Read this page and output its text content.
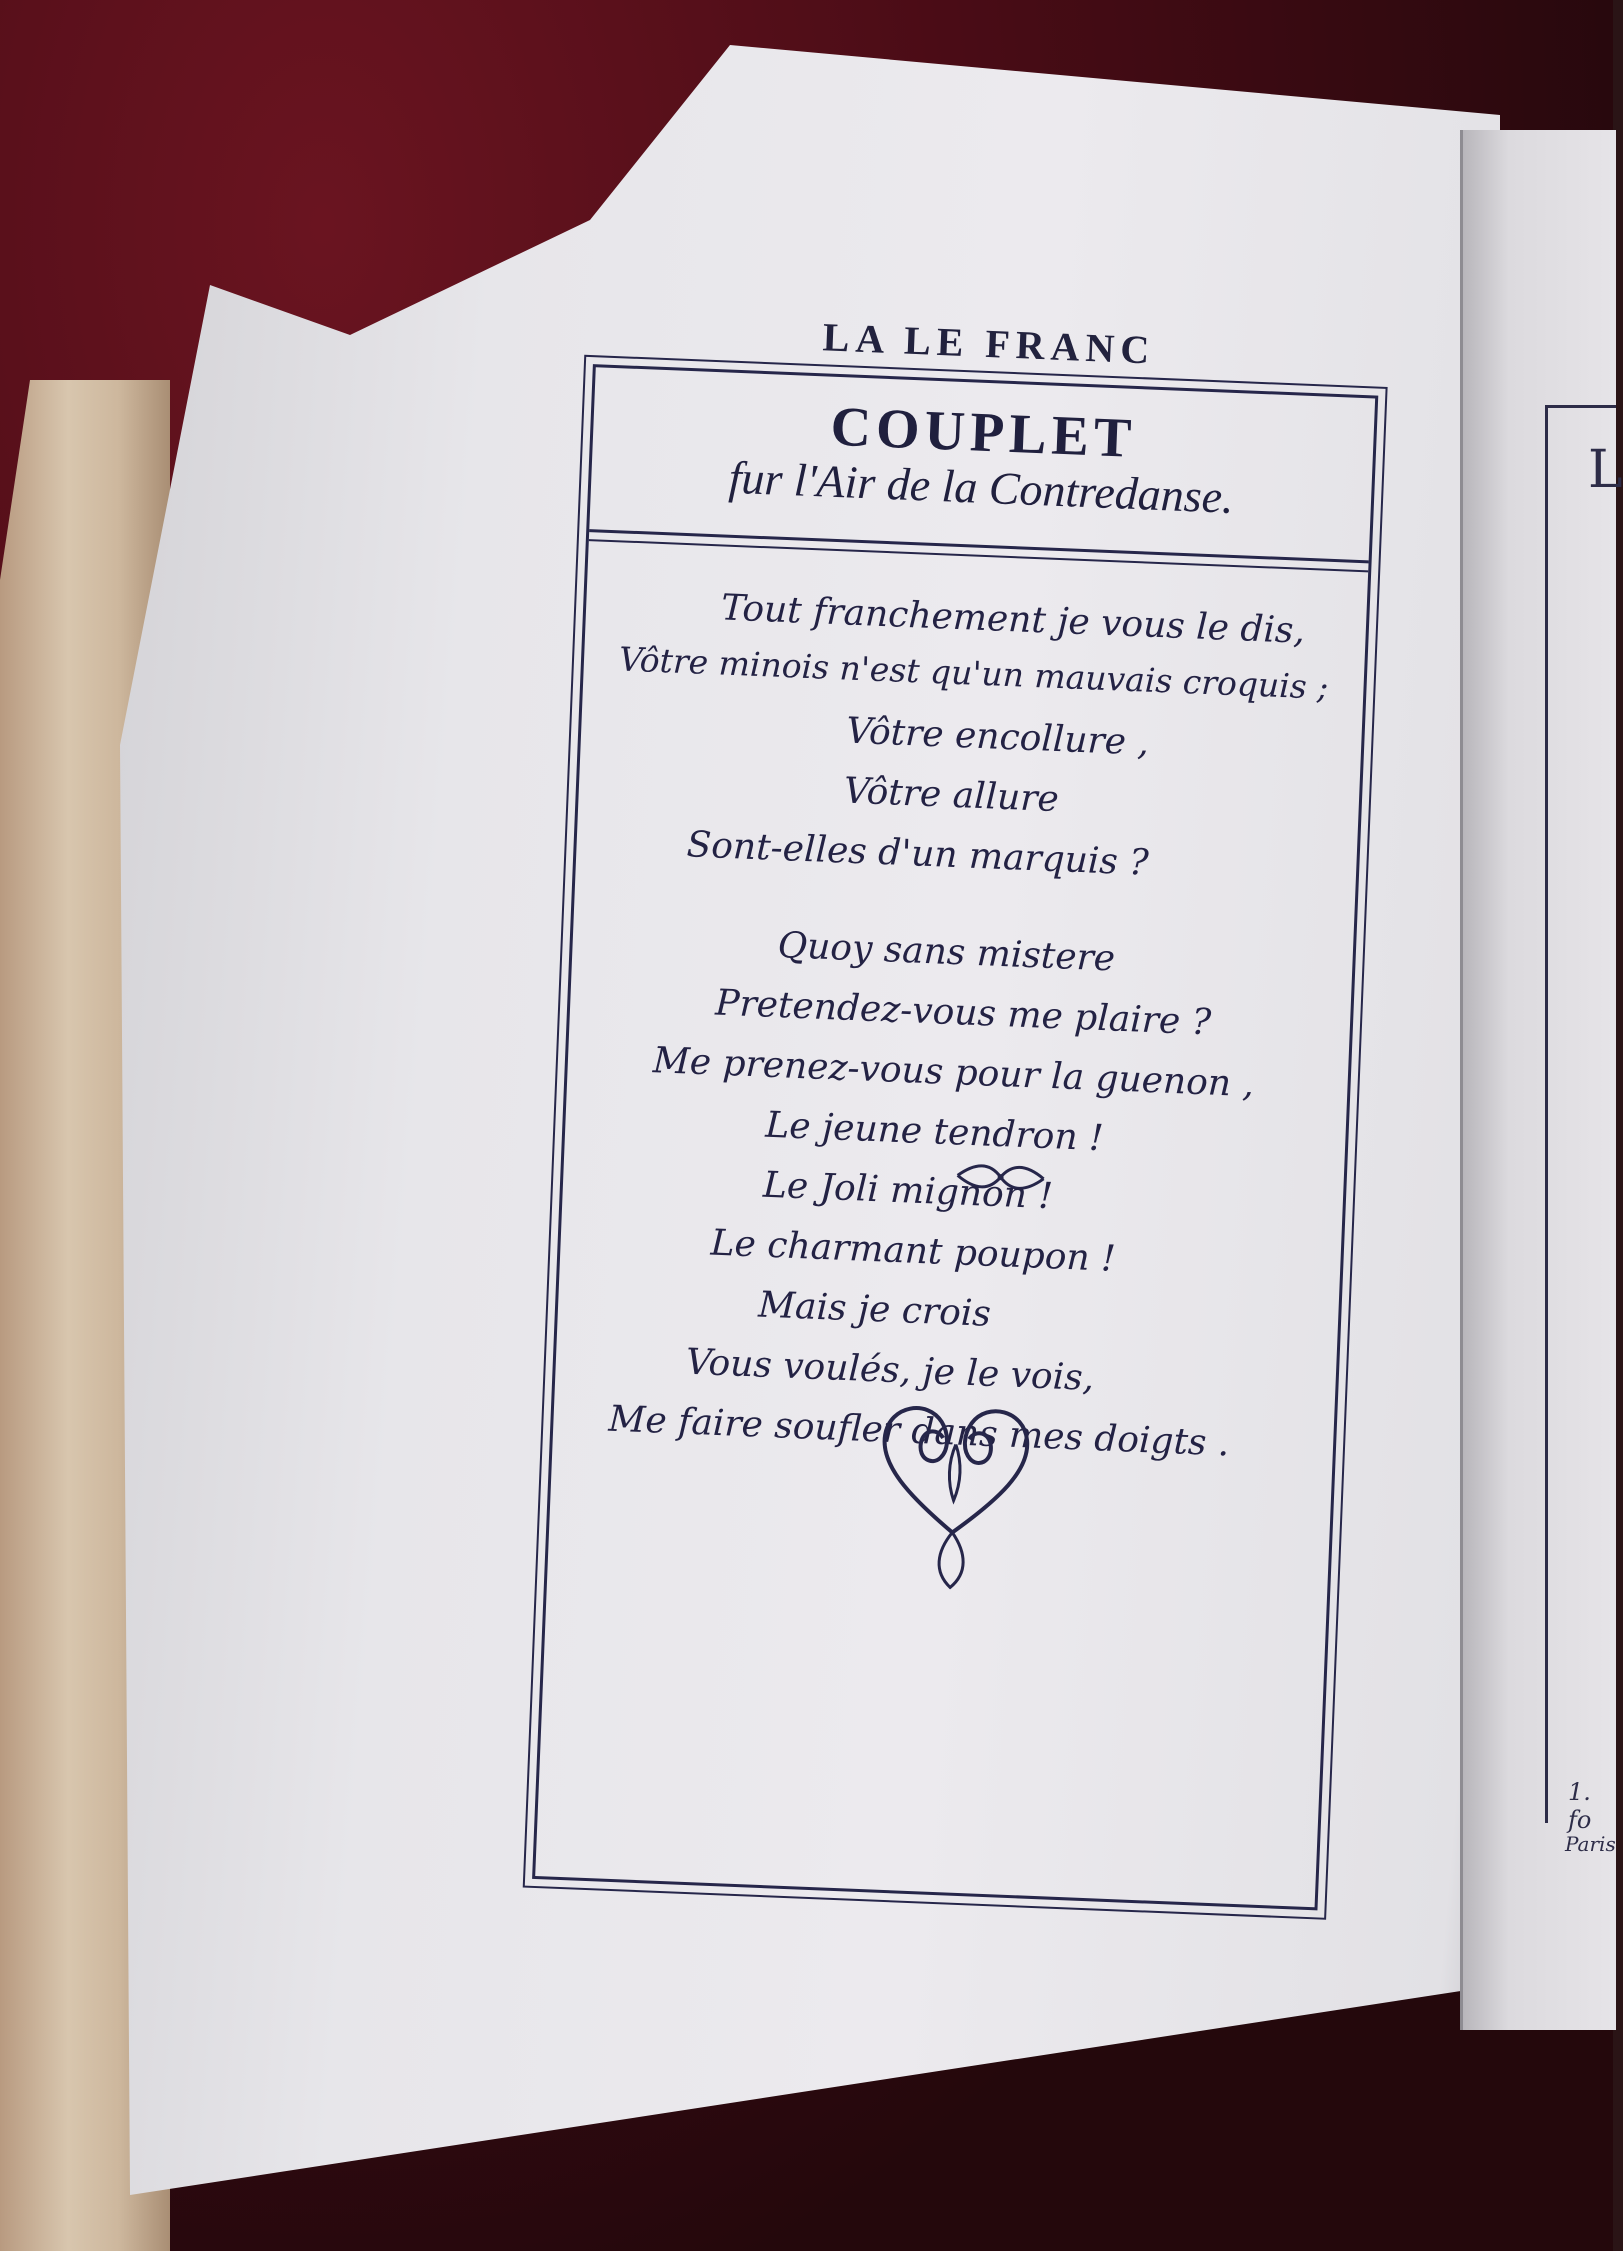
L
1. fo
Paris
LA LE FRANC
COUPLET
fur l'Air de la Contredanse.
Tout franchement je vous le dis,
Vôtre minois n'est qu'un mauvais croquis ;
Vôtre encollure ,
Vôtre allure
Sont-elles d'un marquis ?
Quoy sans mistere
Pretendez-vous me plaire ?
Me prenez-vous pour la guenon ,
Le jeune tendron !
Le Joli mignon !
Le charmant poupon !
Mais je crois
Vous voulés, je le vois,
Me faire soufler dans mes doigts .
